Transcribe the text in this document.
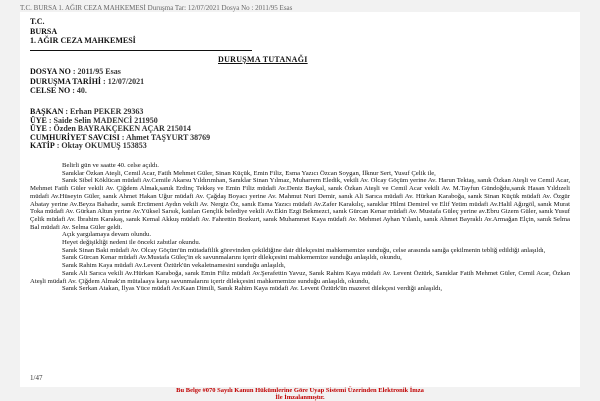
T.C. BURSA 1. AĞIR CEZA MAHKEMESİ Duruşma Tar: 12/07/2021 Dosya No : 2011/95 Esas
T.C.
BURSA
1. AĞIR CEZA MAHKEMESİ
DURUŞMA TUTANAĞI
DOSYA NO : 2011/95 Esas
DURUŞMA TARİHİ : 12/07/2021
CELSE NO : 40.
BAŞKAN : Erhan PEKER 29363
ÜYE : Saide Selin MADENCİ 211950
ÜYE : Özden BAYRAKÇEKEN AÇAR 215014
CUMHURİYET SAVCISI : Ahmet TAŞYURT 38769
KATİP : Oktay OKUMUŞ 153853

Belirli gün ve saatte 40. celse açıldı.

Sanıklar Özkan Ateşli, Cemil Acar, Fatih Mehmet Güler, Sinan Küçük, Emin Filiz, Esma Yazıcı Özcan Soygan, İlknur Sert, Yusuf Çelik ile,

Sanık Sibel Köklücan müdafi Av.Cemile Akarsu Yıldırımhan, Sanıklar Sinan Yılmaz, Muharrem Eledik, vekili Av. Olcay Göçüm yerine Av. Harun Tektaş, sanık Özkan Ateşli ve Cemil Acar, Mehmet Fatih Güler vekili Av. Çiğdem Almak,sanık Erdinç Tekkeş ve Emin Filiz müdafi Av.Deniz Baykal, sanık Özkan Ateşli ve Cemil Acar vekili Av. M.Tayfun Gündoğdu,sanık Hasan Yıldızeli müdafi Av.Hüseyin Güler, sanık Ahmet Hakan Uğur müdafi Av. Çağdaş Boyacı yerine Av. Mahmut Nuri Demir, sanık Ali Sarıca müdafi Av. Hürkan Karaboğa, sanık Sinan Küçük müdafi Av. Özgür Abatay yerine Av.Beyza Bahadır, sanık Ercüment Aydın vekili Av. Nergiz Öz, sanık Esma Yazıcı müdafi Av.Zafer Karakılıç, sanıklar Hilmi Demirel ve Elif Yetim müdafi Av.Halil Ağırgöl, sanık Murat Toka müdafi Av. Gürkan Altun yerine Av.Yüksel Sarsık, katılan Gençlik belediye vekili Av.Ekin Ezgi Bekmezci, sanık Gürcan Kenar müdafi Av. Mustafa Güleç yerine av.Ebru Gizem Güler, sanık Yusuf Çelik müdafi Av. İbrahim Karakaş, sanık Kemal Akkuş müdafi Av. Fahrettin Bozkurt, sanık Muhammet Kaya müdafi Av. Mehmet Ayhan Yılanlı, sanık Ahmet Bayraklı Av.Armağan Elçin, sanık Selma Bal müdafi Av. Selma Güler geldi.

Açık yargılamaya devam olundu.

Heyet değişikliği nedeni ile önceki zabıtlar okundu.

Sanık Sinan Baki müdafi Av. Olcay Göçüm'ün mütadafilik görevinden çekildiğine dair dilekçesini mahkememize sunduğu, celse arasında sanığa çekilmenin tebliğ edildiği anlaşıldı,

Sanık Gürcan Kenar müdafi Av.Mustafa Güleç'in ek savunmalarını içerir dilekçesini mahkememize sunduğu anlaşıldı, okundu,

Sanık Rahim Kaya müdafi Av.Levent Öztürk'ün vekaletnamesini sunduğu anlaşıldı,

Sanık Ali Sarıca vekili Av.Hürkan Karaboğa, sanık Emin Filiz müdafi Av.Şerafettin Yavuz, Sanık Rahim Kaya müdafi Av. Levent Öztürk, Sanıklar Fatih Mehmet Güler, Cemil Acar, Özkan Ateşli müdafi Av. Çiğdem Almak'ın mütalaaya karşı savunmalarını içerir dilekçesini mahkememize sunduğu anlaşıldı, okundu,

Sanık Serkan Atakan, İlyas Yüce müdafi Av.Kaan Dimili, Sanık Rahim Kaya müdafi Av. Levent Öztürk'ün mazeret dilekçesi verdiği anlaşıldı,

1/47
Bu Belge #070 Sayılı Kanun Hükümlerine Göre Uyap Sistemi Üzerinden Elektronik İmza
İle İmzalanmıştır.
